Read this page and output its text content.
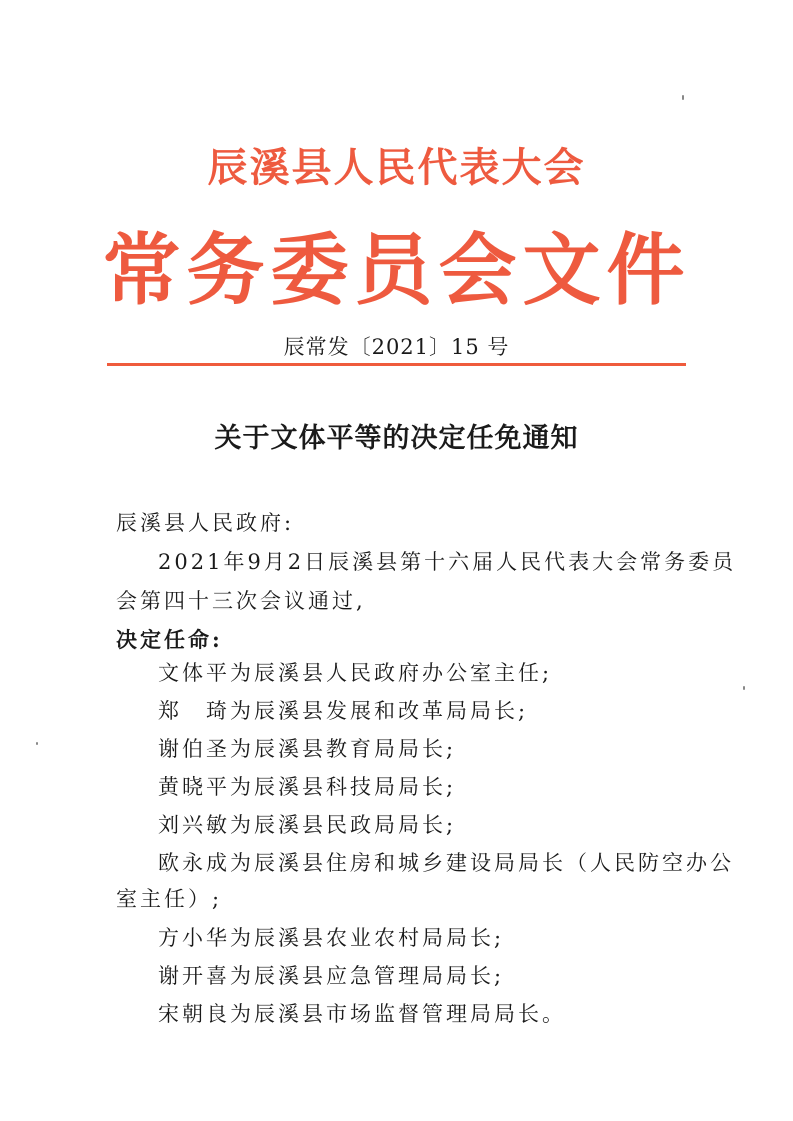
辰溪县人民代表大会
常务委员会文件
辰常发〔2021〕15 号
关于文体平等的决定任免通知
辰溪县人民政府:
2021年9月2日辰溪县第十六届人民代表大会常务委员
会第四十三次会议通过,
决定任命:
文体平为辰溪县人民政府办公室主任;
郑　琦为辰溪县发展和改革局局长;
谢伯圣为辰溪县教育局局长;
黄晓平为辰溪县科技局局长;
刘兴敏为辰溪县民政局局长;
欧永成为辰溪县住房和城乡建设局局长（人民防空办公
室主任）;
方小华为辰溪县农业农村局局长;
谢开喜为辰溪县应急管理局局长;
宋朝良为辰溪县市场监督管理局局长。
